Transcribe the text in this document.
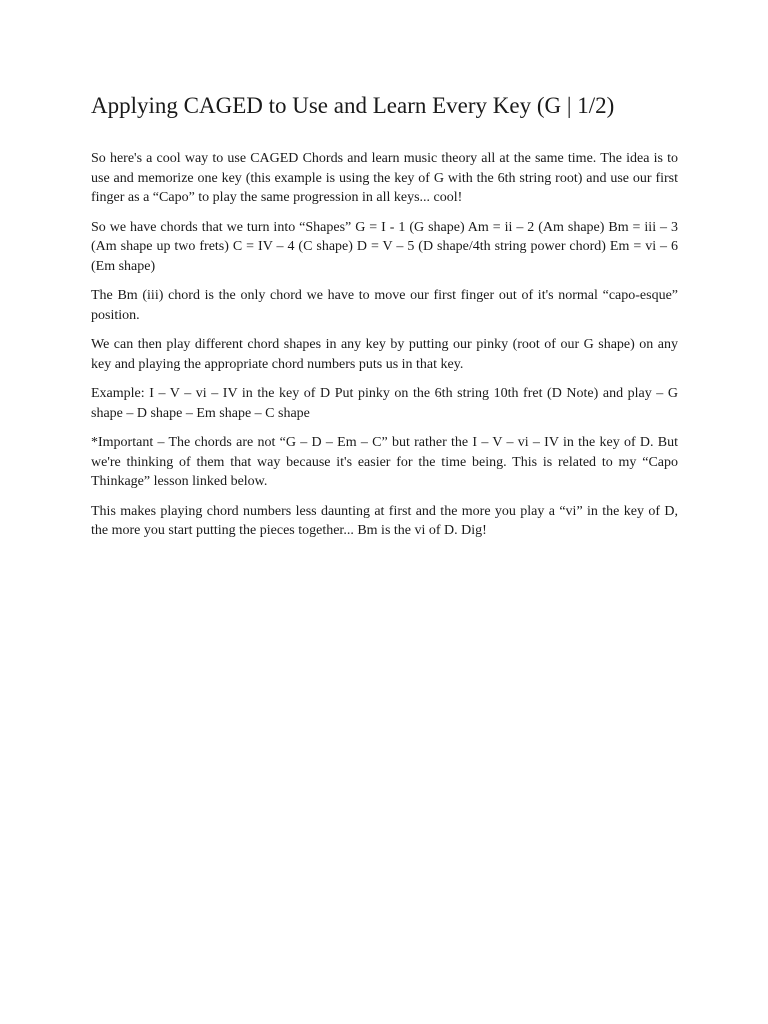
Applying CAGED to Use and Learn Every Key (G | 1/2)

So here's a cool way to use CAGED Chords and learn music theory all at the same time. The idea is to use and memorize one key (this example is using the key of G with the 6th string root) and use our first finger as a “Capo” to play the same progression in all keys... cool!

So we have chords that we turn into “Shapes” G = I - 1 (G shape) Am = ii – 2 (Am shape) Bm = iii – 3 (Am shape up two frets) C = IV – 4 (C shape) D = V – 5 (D shape/4th string power chord) Em = vi – 6 (Em shape)

The Bm (iii) chord is the only chord we have to move our first finger out of it's normal “capo-esque” position.

We can then play different chord shapes in any key by putting our pinky (root of our G shape) on any key and playing the appropriate chord numbers puts us in that key.

Example: I – V – vi – IV in the key of D Put pinky on the 6th string 10th fret (D Note) and play – G shape – D shape – Em shape – C shape

*Important – The chords are not “G – D – Em – C” but rather the I – V – vi – IV in the key of D. But we're thinking of them that way because it's easier for the time being. This is related to my “Capo Thinkage” lesson linked below.

This makes playing chord numbers less daunting at first and the more you play a “vi” in the key of D, the more you start putting the pieces together... Bm is the vi of D. Dig!
